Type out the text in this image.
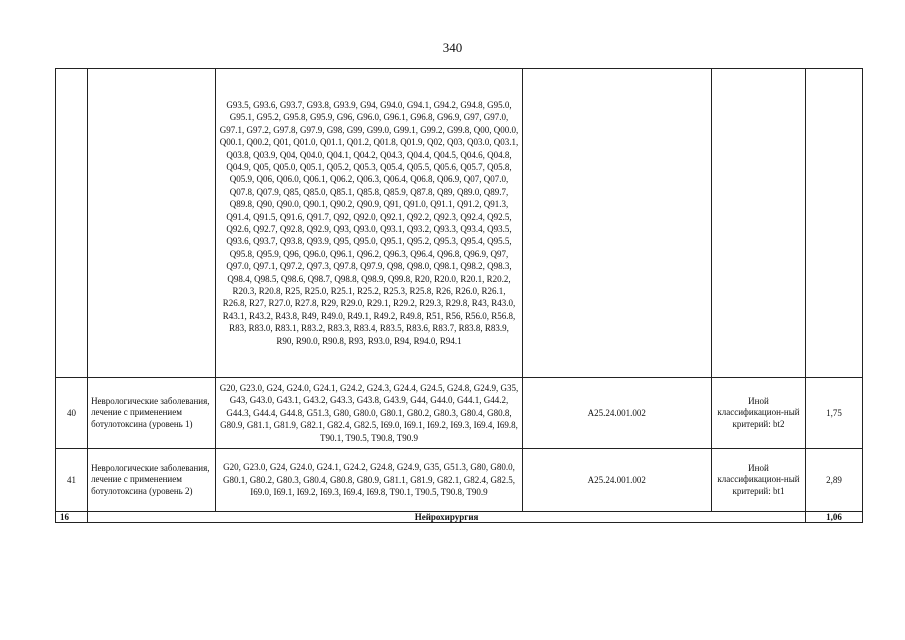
340
		G93.5, G93.6, G93.7, G93.8, G93.9, G94, G94.0, G94.1, G94.2, G94.8, G95.0, G95.1, G95.2, G95.8, G95.9, G96, G96.0, G96.1, G96.8, G96.9, G97, G97.0, G97.1, G97.2, G97.8, G97.9, G98, G99, G99.0, G99.1, G99.2, G99.8, Q00, Q00.0, Q00.1, Q00.2, Q01, Q01.0, Q01.1, Q01.2, Q01.8, Q01.9, Q02, Q03, Q03.0, Q03.1, Q03.8, Q03.9, Q04, Q04.0, Q04.1, Q04.2, Q04.3, Q04.4, Q04.5, Q04.6, Q04.8, Q04.9, Q05, Q05.0, Q05.1, Q05.2, Q05.3, Q05.4, Q05.5, Q05.6, Q05.7, Q05.8, Q05.9, Q06, Q06.0, Q06.1, Q06.2, Q06.3, Q06.4, Q06.8, Q06.9, Q07, Q07.0, Q07.8, Q07.9, Q85, Q85.0, Q85.1, Q85.8, Q85.9, Q87.8, Q89, Q89.0, Q89.7, Q89.8, Q90, Q90.0, Q90.1, Q90.2, Q90.9, Q91, Q91.0, Q91.1, Q91.2, Q91.3, Q91.4, Q91.5, Q91.6, Q91.7, Q92, Q92.0, Q92.1, Q92.2, Q92.3, Q92.4, Q92.5, Q92.6, Q92.7, Q92.8, Q92.9, Q93, Q93.0, Q93.1, Q93.2, Q93.3, Q93.4, Q93.5, Q93.6, Q93.7, Q93.8, Q93.9, Q95, Q95.0, Q95.1, Q95.2, Q95.3, Q95.4, Q95.5, Q95.8, Q95.9, Q96, Q96.0, Q96.1, Q96.2, Q96.3, Q96.4, Q96.8, Q96.9, Q97, Q97.0, Q97.1, Q97.2, Q97.3, Q97.8, Q97.9, Q98, Q98.0, Q98.1, Q98.2, Q98.3, Q98.4, Q98.5, Q98.6, Q98.7, Q98.8, Q98.9, Q99.8, R20, R20.0, R20.1, R20.2, R20.3, R20.8, R25, R25.0, R25.1, R25.2, R25.3, R25.8, R26, R26.0, R26.1, R26.8, R27, R27.0, R27.8, R29, R29.0, R29.1, R29.2, R29.3, R29.8, R43, R43.0, R43.1, R43.2, R43.8, R49, R49.0, R49.1, R49.2, R49.8, R51, R56, R56.0, R56.8, R83, R83.0, R83.1, R83.2, R83.3, R83.4, R83.5, R83.6, R83.7, R83.8, R83.9, R90, R90.0, R90.8, R93, R93.0, R94, R94.0, R94.1			
40	Неврологические заболевания, лечение с применением ботулотоксина (уровень 1)	G20, G23.0, G24, G24.0, G24.1, G24.2, G24.3, G24.4, G24.5, G24.8, G24.9, G35, G43, G43.0, G43.1, G43.2, G43.3, G43.8, G43.9, G44, G44.0, G44.1, G44.2, G44.3, G44.4, G44.8, G51.3, G80, G80.0, G80.1, G80.2, G80.3, G80.4, G80.8, G80.9, G81.1, G81.9, G82.1, G82.4, G82.5, I69.0, I69.1, I69.2, I69.3, I69.4, I69.8, T90.1, T90.5, T90.8, T90.9	A25.24.001.002	Иной классификацион-ный критерий: bt2	1,75
41	Неврологические заболевания, лечение с применением ботулотоксина (уровень 2)	G20, G23.0, G24, G24.0, G24.1, G24.2, G24.8, G24.9, G35, G51.3, G80, G80.0, G80.1, G80.2, G80.3, G80.4, G80.8, G80.9, G81.1, G81.9, G82.1, G82.4, G82.5, I69.0, I69.1, I69.2, I69.3, I69.4, I69.8, T90.1, T90.5, T90.8, T90.9	A25.24.001.002	Иной классификацион-ный критерий: bt1	2,89
16	Нейрохирургия				1,06
